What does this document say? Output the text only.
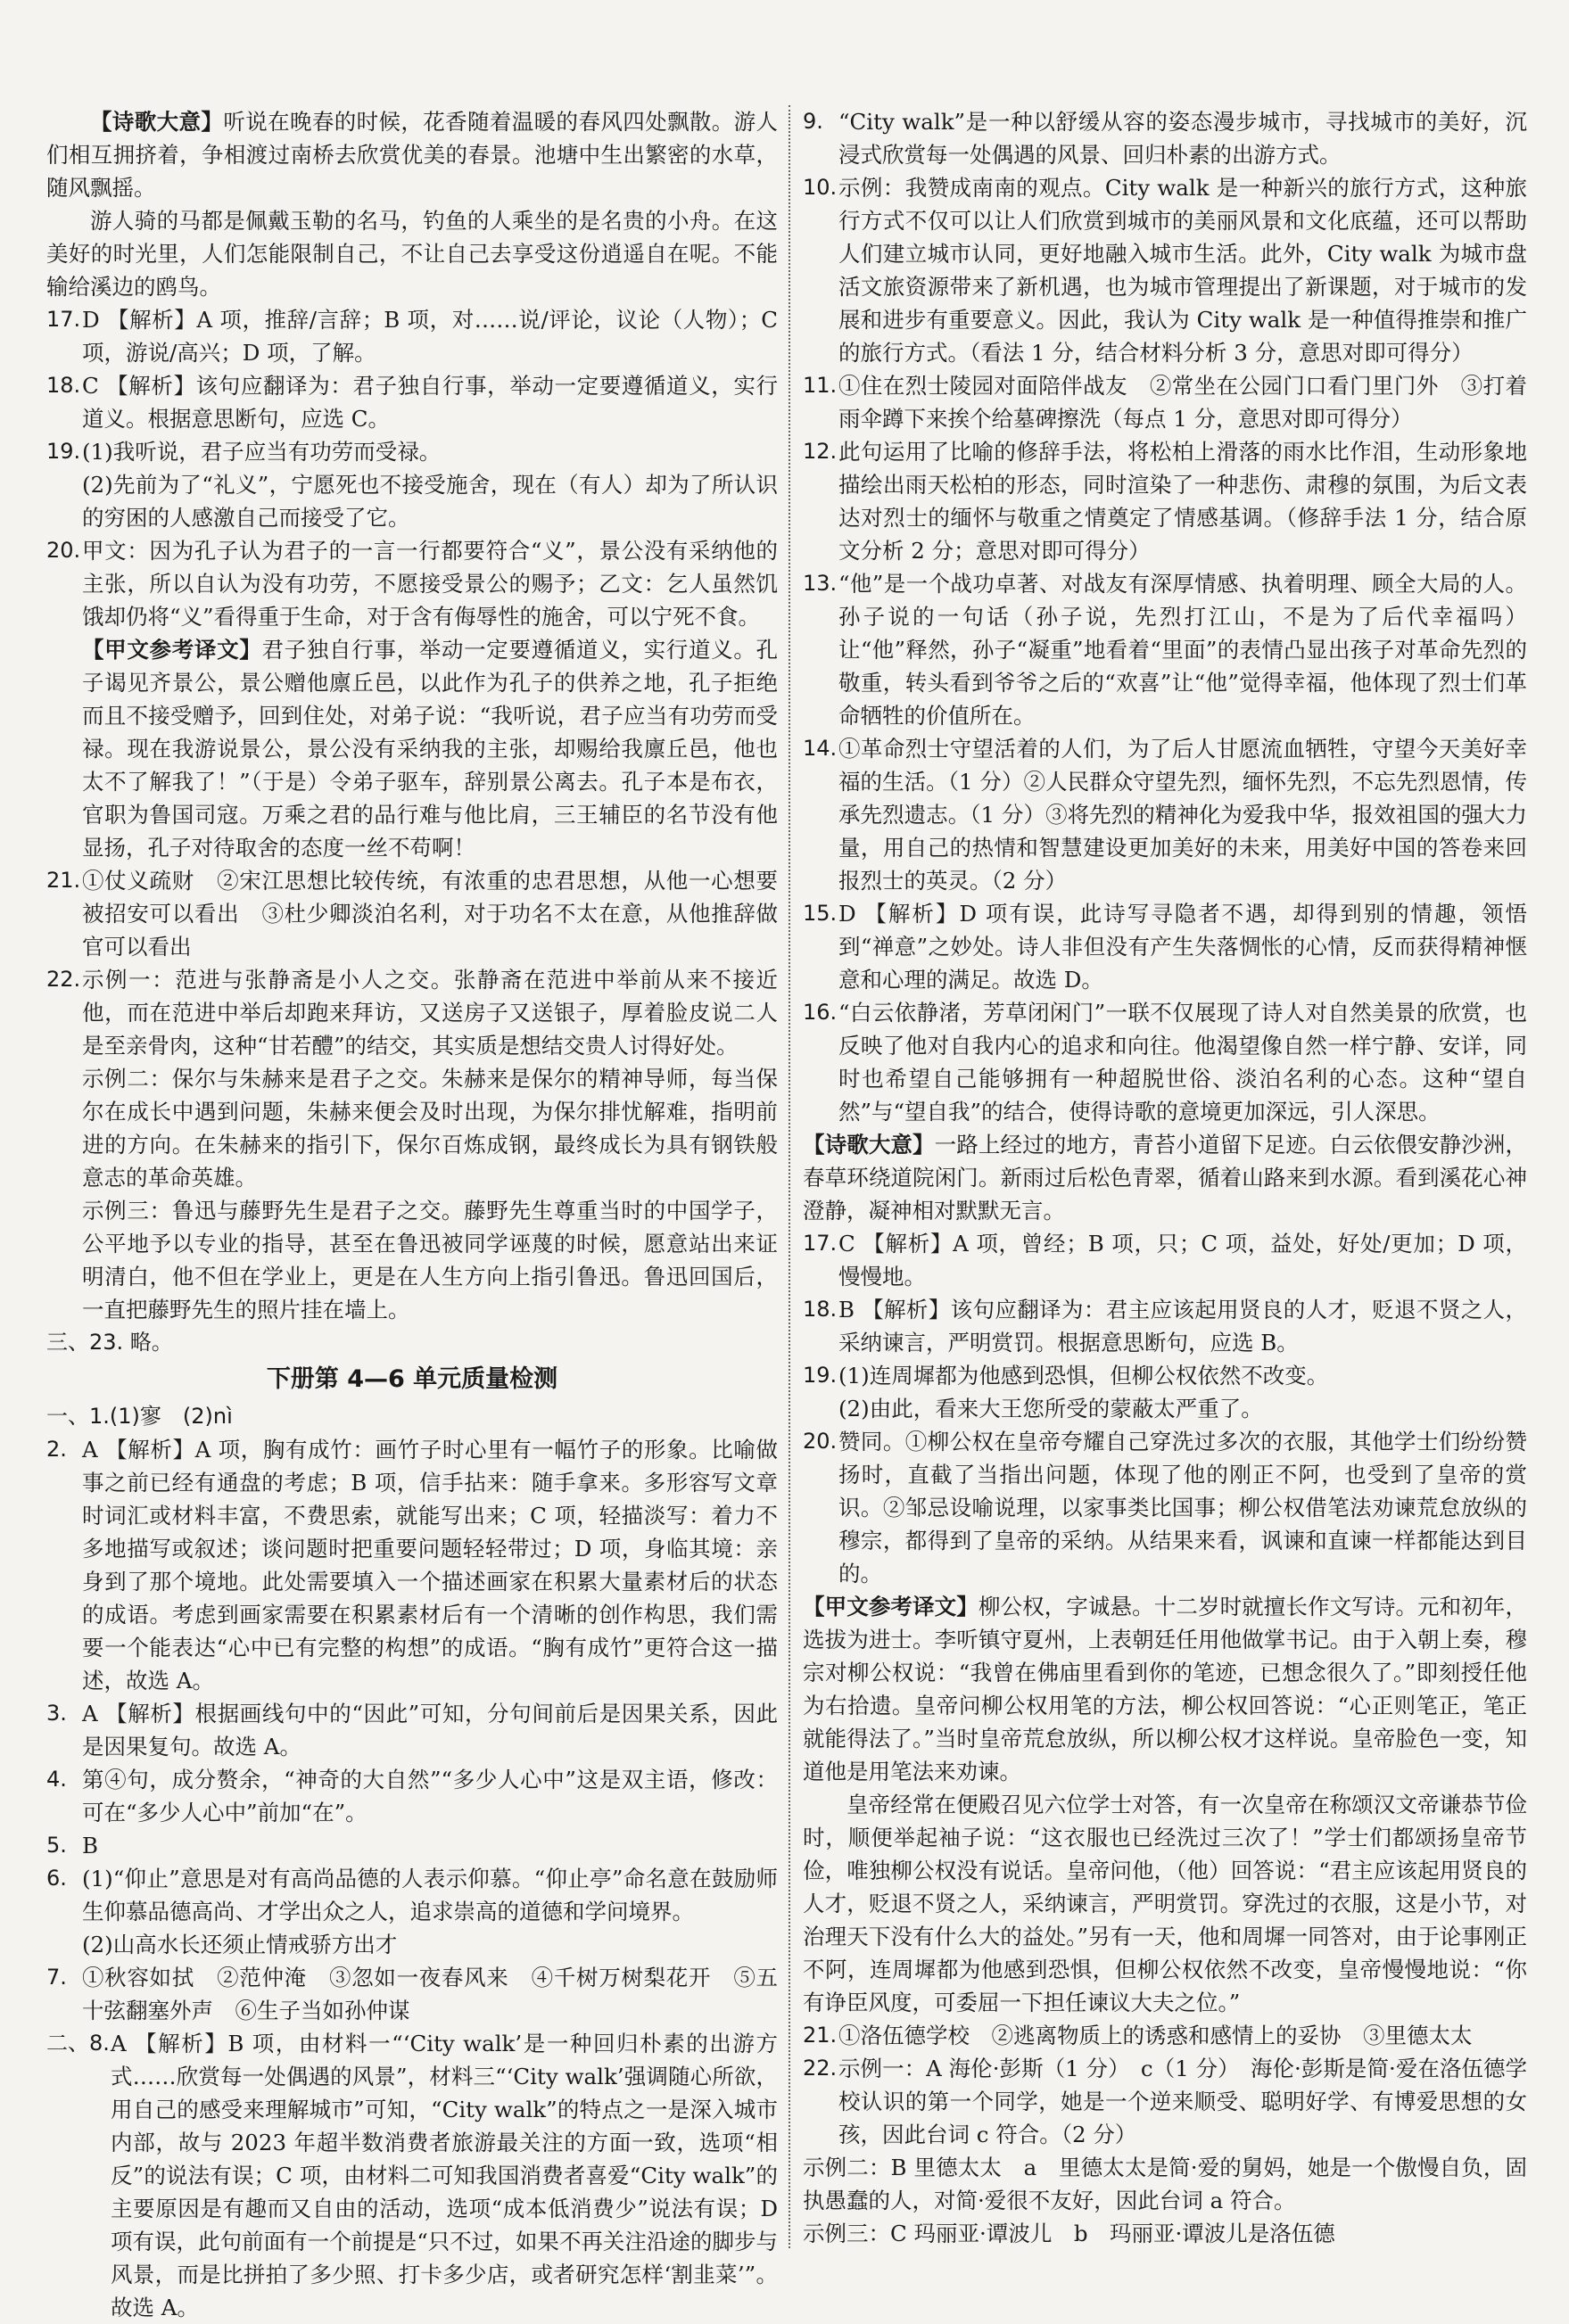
【诗歌大意】听说在晚春的时候，花香随着温暖的春风四处飘散。游人们相互拥挤着，争相渡过南桥去欣赏优美的春景。池塘中生出繁密的水草，随风飘摇。

游人骑的马都是佩戴玉勒的名马，钓鱼的人乘坐的是名贵的小舟。在这美好的时光里，人们怎能限制自己，不让自己去享受这份逍遥自在呢。不能输给溪边的鸥鸟。

17. D 【解析】A 项，推辞/言辞；B 项，对……说/评论，议论（人物）；C 项，游说/高兴；D 项，了解。

18. C 【解析】该句应翻译为：君子独自行事，举动一定要遵循道义，实行道义。根据意思断句，应选 C。

19. (1)我听说，君子应当有功劳而受禄。

(2)先前为了“礼义”，宁愿死也不接受施舍，现在（有人）却为了所认识的穷困的人感激自己而接受了它。

20. 甲文：因为孔子认为君子的一言一行都要符合“义”，景公没有采纳他的主张，所以自认为没有功劳，不愿接受景公的赐予；乙文：乞人虽然饥饿却仍将“义”看得重于生命，对于含有侮辱性的施舍，可以宁死不食。

【甲文参考译文】君子独自行事，举动一定要遵循道义，实行道义。孔子谒见齐景公，景公赠他廪丘邑，以此作为孔子的供养之地，孔子拒绝而且不接受赠予，回到住处，对弟子说：“我听说，君子应当有功劳而受禄。现在我游说景公，景公没有采纳我的主张，却赐给我廪丘邑，他也太不了解我了！”（于是）令弟子驱车，辞别景公离去。孔子本是布衣，官职为鲁国司寇。万乘之君的品行难与他比肩，三王辅臣的名节没有他显扬，孔子对待取舍的态度一丝不苟啊！

21. ①仗义疏财　②宋江思想比较传统，有浓重的忠君思想，从他一心想要被招安可以看出　③杜少卿淡泊名利，对于功名不太在意，从他推辞做官可以看出

22. 示例一：范进与张静斋是小人之交。张静斋在范进中举前从来不接近他，而在范进中举后却跑来拜访，又送房子又送银子，厚着脸皮说二人是至亲骨肉，这种“甘若醴”的结交，其实质是想结交贵人讨得好处。

示例二：保尔与朱赫来是君子之交。朱赫来是保尔的精神导师，每当保尔在成长中遇到问题，朱赫来便会及时出现，为保尔排忧解难，指明前进的方向。在朱赫来的指引下，保尔百炼成钢，最终成长为具有钢铁般意志的革命英雄。

示例三：鲁迅与藤野先生是君子之交。藤野先生尊重当时的中国学子，公平地予以专业的指导，甚至在鲁迅被同学诬蔑的时候，愿意站出来证明清白，他不但在学业上，更是在人生方向上指引鲁迅。鲁迅回国后，一直把藤野先生的照片挂在墙上。

三、23. 略。

下册第 4—6 单元质量检测

一、1.(1)寥　(2)nì

2. A 【解析】A 项，胸有成竹：画竹子时心里有一幅竹子的形象。比喻做事之前已经有通盘的考虑；B 项，信手拈来：随手拿来。多形容写文章时词汇或材料丰富，不费思索，就能写出来；C 项，轻描淡写：着力不多地描写或叙述；谈问题时把重要问题轻轻带过；D 项，身临其境：亲身到了那个境地。此处需要填入一个描述画家在积累大量素材后的状态的成语。考虑到画家需要在积累素材后有一个清晰的创作构思，我们需要一个能表达“心中已有完整的构想”的成语。“胸有成竹”更符合这一描述，故选 A。

3. A 【解析】根据画线句中的“因此”可知，分句间前后是因果关系，因此是因果复句。故选 A。

4. 第④句，成分赘余，“神奇的大自然”“多少人心中”这是双主语，修改：可在“多少人心中”前加“在”。

5. B

6. (1)“仰止”意思是对有高尚品德的人表示仰慕。“仰止亭”命名意在鼓励师生仰慕品德高尚、才学出众之人，追求崇高的道德和学问境界。

(2)山高水长还须止情戒骄方出才

7. ①秋容如拭　②范仲淹　③忽如一夜春风来　④千树万树梨花开　⑤五十弦翻塞外声　⑥生子当如孙仲谋

二、8. A 【解析】B 项，由材料一“‘City walk’是一种回归朴素的出游方式……欣赏每一处偶遇的风景”，材料三“‘City walk’强调随心所欲，用自己的感受来理解城市”可知，“City walk”的特点之一是深入城市内部，故与 2023 年超半数消费者旅游最关注的方面一致，选项“相反”的说法有误；C 项，由材料二可知我国消费者喜爱“City walk”的主要原因是有趣而又自由的活动，选项“成本低消费少”说法有误；D 项有误，此句前面有一个前提是“只不过，如果不再关注沿途的脚步与风景，而是比拼拍了多少照、打卡多少店，或者研究怎样‘割韭菜’”。故选 A。

9. “City walk”是一种以舒缓从容的姿态漫步城市，寻找城市的美好，沉浸式欣赏每一处偶遇的风景、回归朴素的出游方式。

10. 示例：我赞成南南的观点。City walk 是一种新兴的旅行方式，这种旅行方式不仅可以让人们欣赏到城市的美丽风景和文化底蕴，还可以帮助人们建立城市认同，更好地融入城市生活。此外，City walk 为城市盘活文旅资源带来了新机遇，也为城市管理提出了新课题，对于城市的发展和进步有重要意义。因此，我认为 City walk 是一种值得推崇和推广的旅行方式。（看法 1 分，结合材料分析 3 分，意思对即可得分）

11. ①住在烈士陵园对面陪伴战友　②常坐在公园门口看门里门外　③打着雨伞蹲下来挨个给墓碑擦洗（每点 1 分，意思对即可得分）

12. 此句运用了比喻的修辞手法，将松柏上滑落的雨水比作泪，生动形象地描绘出雨天松柏的形态，同时渲染了一种悲伤、肃穆的氛围，为后文表达对烈士的缅怀与敬重之情奠定了情感基调。（修辞手法 1 分，结合原文分析 2 分；意思对即可得分）

13. “他”是一个战功卓著、对战友有深厚情感、执着明理、顾全大局的人。孙子说的一句话（孙子说，先烈打江山，不是为了后代幸福吗）让“他”释然，孙子“凝重”地看着“里面”的表情凸显出孩子对革命先烈的敬重，转头看到爷爷之后的“欢喜”让“他”觉得幸福，他体现了烈士们革命牺牲的价值所在。

14. ①革命烈士守望活着的人们，为了后人甘愿流血牺牲，守望今天美好幸福的生活。（1 分）②人民群众守望先烈，缅怀先烈，不忘先烈恩情，传承先烈遗志。（1 分）③将先烈的精神化为爱我中华，报效祖国的强大力量，用自己的热情和智慧建设更加美好的未来，用美好中国的答卷来回报烈士的英灵。（2 分）

15. D 【解析】D 项有误，此诗写寻隐者不遇，却得到别的情趣，领悟到“禅意”之妙处。诗人非但没有产生失落惆怅的心情，反而获得精神惬意和心理的满足。故选 D。

16. “白云依静渚，芳草闭闲门”一联不仅展现了诗人对自然美景的欣赏，也反映了他对自我内心的追求和向往。他渴望像自然一样宁静、安详，同时也希望自己能够拥有一种超脱世俗、淡泊名利的心态。这种“望自然”与“望自我”的结合，使得诗歌的意境更加深远，引人深思。

【诗歌大意】一路上经过的地方，青苔小道留下足迹。白云依偎安静沙洲，春草环绕道院闲门。新雨过后松色青翠，循着山路来到水源。看到溪花心神澄静，凝神相对默默无言。

17. C 【解析】A 项，曾经；B 项，只；C 项，益处，好处/更加；D 项，慢慢地。

18. B 【解析】该句应翻译为：君主应该起用贤良的人才，贬退不贤之人，采纳谏言，严明赏罚。根据意思断句，应选 B。

19. (1)连周墀都为他感到恐惧，但柳公权依然不改变。

(2)由此，看来大王您所受的蒙蔽太严重了。

20. 赞同。①柳公权在皇帝夸耀自己穿洗过多次的衣服，其他学士们纷纷赞扬时，直截了当指出问题，体现了他的刚正不阿，也受到了皇帝的赏识。②邹忌设喻说理，以家事类比国事；柳公权借笔法劝谏荒怠放纵的穆宗，都得到了皇帝的采纳。从结果来看，讽谏和直谏一样都能达到目的。

【甲文参考译文】柳公权，字诚悬。十二岁时就擅长作文写诗。元和初年，选拔为进士。李听镇守夏州，上表朝廷任用他做掌书记。由于入朝上奏，穆宗对柳公权说：“我曾在佛庙里看到你的笔迹，已想念很久了。”即刻授任他为右拾遗。皇帝问柳公权用笔的方法，柳公权回答说：“心正则笔正，笔正就能得法了。”当时皇帝荒怠放纵，所以柳公权才这样说。皇帝脸色一变，知道他是用笔法来劝谏。

皇帝经常在便殿召见六位学士对答，有一次皇帝在称颂汉文帝谦恭节俭时，顺便举起袖子说：“这衣服也已经洗过三次了！”学士们都颂扬皇帝节俭，唯独柳公权没有说话。皇帝问他，（他）回答说：“君主应该起用贤良的人才，贬退不贤之人，采纳谏言，严明赏罚。穿洗过的衣服，这是小节，对治理天下没有什么大的益处。”另有一天，他和周墀一同答对，由于论事刚正不阿，连周墀都为他感到恐惧，但柳公权依然不改变，皇帝慢慢地说：“你有诤臣风度，可委屈一下担任谏议大夫之位。”

21. ①洛伍德学校　②逃离物质上的诱惑和感情上的妥协　③里德太太

22. 示例一：A 海伦·彭斯（1 分）　c（1 分）　海伦·彭斯是简·爱在洛伍德学校认识的第一个同学，她是一个逆来顺受、聪明好学、有博爱思想的女孩，因此台词 c 符合。（2 分）

示例二：B 里德太太　a　里德太太是简·爱的舅妈，她是一个傲慢自负，固执愚蠢的人，对简·爱很不友好，因此台词 a 符合。

示例三：C 玛丽亚·谭波儿　b　玛丽亚·谭波儿是洛伍德
